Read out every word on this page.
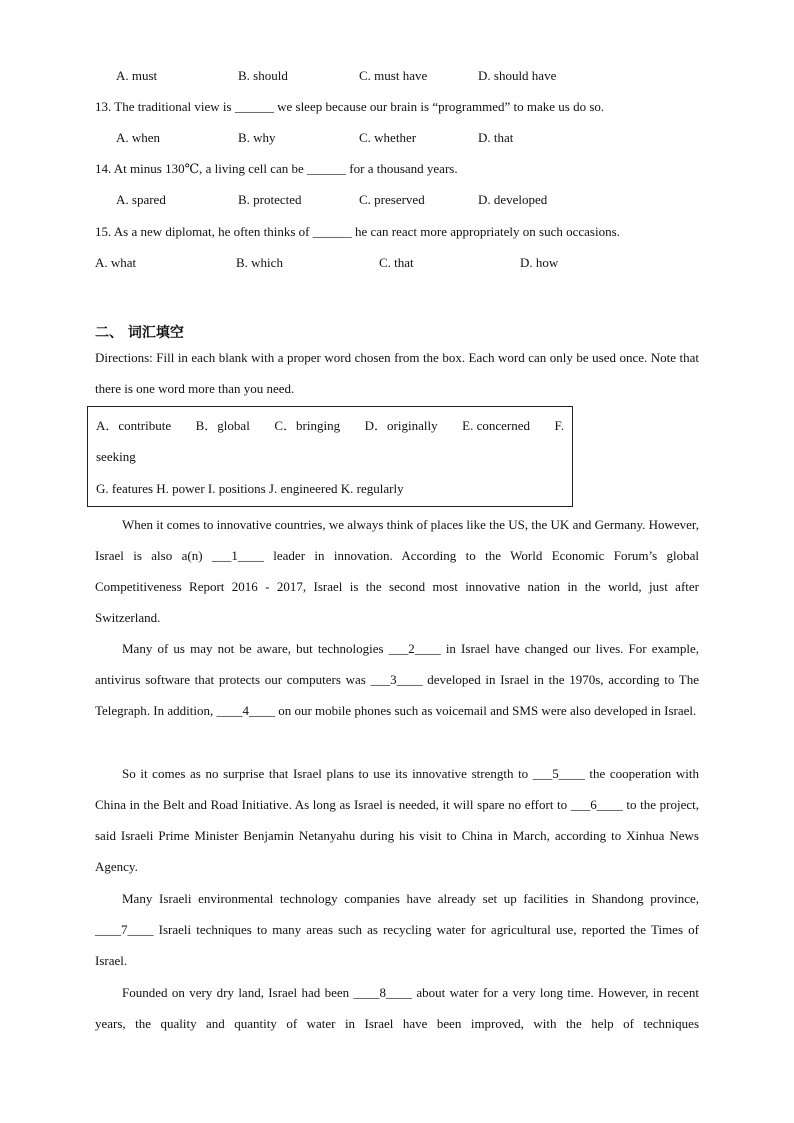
A. must	B. should	C. must have	D. should have
13. The traditional view is ______ we sleep because our brain is “programmed” to make us do so.
A. when	B. why	C. whether	D. that
14. At minus 130℃, a living cell can be ______ for a thousand years.
A. spared	B. protected	C. preserved	D. developed
15. As a new diplomat, he often thinks of ______ he can react more appropriately on such occasions.
A. what	B. which	C. that	D. how
二、 词汇填空
Directions: Fill in each blank with a proper word chosen from the box. Each word can only be used once. Note that there is one word more than you need.
A．contribute B．global C．bringing D．originally E. concerned F.
seeking
G. features H. power I. positions J. engineered K. regularly
When it comes to innovative countries, we always think of places like the US, the UK and Germany. However, Israel is also a(n) ___1____ leader in innovation. According to the World Economic Forum’s global Competitiveness Report 2016 - 2017, Israel is the second most innovative nation in the world, just after Switzerland.
Many of us may not be aware, but technologies ___2____ in Israel have changed our lives. For example, antivirus software that protects our computers was ___3____ developed in Israel in the 1970s, according to The Telegraph. In addition, ____4____ on our mobile phones such as voicemail and SMS were also developed in Israel.
So it comes as no surprise that Israel plans to use its innovative strength to ___5____ the cooperation with China in the Belt and Road Initiative. As long as Israel is needed, it will spare no effort to ___6____ to the project, said Israeli Prime Minister Benjamin Netanyahu during his visit to China in March, according to Xinhua News Agency.
Many Israeli environmental technology companies have already set up facilities in Shandong province, ____7____ Israeli techniques to many areas such as recycling water for agricultural use, reported the Times of Israel.
Founded on very dry land, Israel had been ____8____ about water for a very long time. However, in recent years, the quality and quantity of water in Israel have been improved, with the help of techniques
